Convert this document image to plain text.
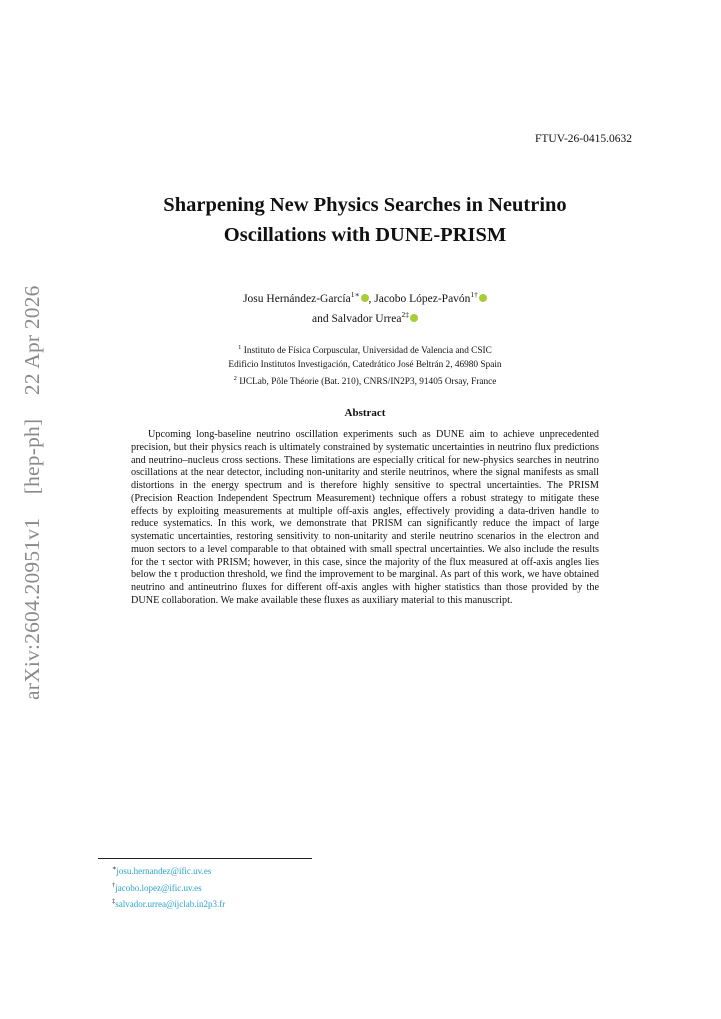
arXiv:2604.20951v1 [hep-ph] 22 Apr 2026
FTUV-26-0415.0632
Sharpening New Physics Searches in Neutrino
Oscillations with DUNE-PRISM
Josu Hernández-García$^{1∗}$ , Jacobo López-Pavón$^{1\dagger}$
and Salvador Urrea$^{2\ddagger}$
$^1$ Instituto de Física Corpuscular, Universidad de Valencia and CSIC
Edificio Institutos Investigación, Catedrático José Beltrán 2, 46980 Spain
$^2$ IJCLab, Pôle Théorie (Bat. 210), CNRS/IN2P3, 91405 Orsay, France
Abstract

Upcoming long-baseline neutrino oscillation experiments such as DUNE aim to achieve unprecedented precision, but their physics reach is ultimately constrained by systematic uncertainties in neutrino flux predictions and neutrino–nucleus cross sections. These limitations are especially critical for new-physics searches in neutrino oscillations at the near detector, including non-unitarity and sterile neutrinos, where the signal manifests as small distortions in the energy spectrum and is therefore highly sensitive to spectral uncertainties. The PRISM (Precision Reaction Independent Spectrum Measurement) technique offers a robust strategy to mitigate these effects by exploiting measurements at multiple off-axis angles, effectively providing a data-driven handle to reduce systematics. In this work, we demonstrate that PRISM can significantly reduce the impact of large systematic uncertainties, restoring sensitivity to non-unitarity and sterile neutrino scenarios in the electron and muon sectors to a level comparable to that obtained with small spectral uncertainties. We also include the results for the τ sector with PRISM; however, in this case, since the majority of the flux measured at off-axis angles lies below the τ production threshold, we find the improvement to be marginal. As part of this work, we have obtained neutrino and antineutrino fluxes for different off-axis angles with higher statistics than those provided by the DUNE collaboration. We make available these fluxes as auxiliary material to this manuscript.

∗josu.hernandez@ific.uv.es
†jacobo.lopez@ific.uv.es
‡salvador.urrea@ijclab.in2p3.fr
